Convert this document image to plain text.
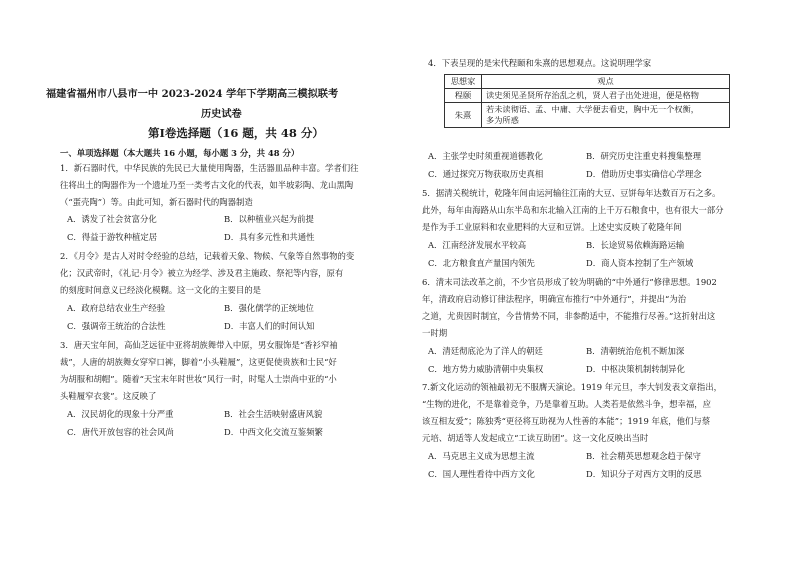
福建省福州市八县市一中 2023-2024 学年下学期高三模拟联考
历史试卷
第Ⅰ卷选择题（16 题，共 48 分）
一、单项选择题（本大题共 16 小题，每小题 3 分，共 48 分）
1．新石器时代，中华民族的先民已大量使用陶器，生活器皿品种丰富。学者们往
往将出土的陶器作为一个遗址乃至一类考古文化的代表，如半坡彩陶、龙山黑陶
（“蛋壳陶”）等。由此可知，新石器时代的陶器制造
A．诱发了社会贫富分化	B．以种植业兴起为前提
C．得益于游牧种植定居	D．具有多元性和共通性
2．《月令》是古人对时令经验的总结，记载着天象、物候、气象等自然事物的变
化；汉武帝时，《礼记·月令》被立为经学、涉及君主施政、祭祀等内容，原有
的刻度时间意义已经淡化模糊。这一文化的主要目的是
A．政府总结农业生产经验	B．强化儒学的正统地位
C．强调帝王统治的合法性	D．丰富人们的时间认知
3．唐天宝年间，高仙芝远征中亚将胡族舞带入中原，男女服饰是“香衫窄袖
裁”，人唐的胡族舞女穿窄口裤，脚着“小头鞋履”，这更促使贵族和士民“好
为胡服和胡帽”。随着“天宝末年时世妆”风行一时，时髦人士崇尚中亚的“小
头鞋履窄衣裳”。这反映了
A．汉民胡化的现象十分严重	B．社会生活映射盛唐风貌
C．唐代开放包容的社会风尚	D．中西文化交流互鉴频繁
4．下表呈现的是宋代程颐和朱熹的思想观点。这说明理学家
思想家	观点
程颐	读史须见圣贤所存治乱之机，贤人君子出处进退，便是格物
朱熹	若未读彻语、孟、中庸、大学便去看史，胸中无一个权衡，
多为所惑
A．主张学史时须重视道德教化	B．研究历史注重史料搜集整理
C．通过探究万物获取历史真相	D．借助历史事实确信心学理念
5．据清关税统计，乾隆年间由运河输往江南的大豆、豆饼每年达数百万石之多。
此外，每年由海路从山东半岛和东北输入江南的上千万石粮食中，也有很大一部分
是作为手工业原料和农业肥料的大豆和豆饼。上述史实反映了乾隆年间
A．江南经济发展水平较高	B．长途贸易依赖海路运输
C．北方粮食直产量国内领先	D．商人资本控制了生产领域
6．清末司法改革之前，不少官员形成了较为明确的“中外通行”修律思想。1902
年，清政府启动修订律法程序，明确宣布推行“中外通行”，并提出“为治
之道，尤贵因时制宜，今昔情势不同，非参酌适中，不能推行尽善。”这折射出这
一时期
A．清廷彻底沦为了洋人的朝廷	B．清朝统治危机不断加深
C．地方势力威胁清朝中央集权	D．中枢决策机制转制异化
7.新文化运动的领袖最初无不服膺天演论。1919 年元旦，李大钊发表文章指出，
“生物的进化，不是靠着竞争，乃是靠着互助。人类若是依然斗争，想幸福，应
该互相友爱”；陈独秀“更径将互助视为人性善的本能”；1919 年底，他们与蔡
元培、胡适等人发起成立“工读互助团”。这一文化反映出当时
A．马克思主义成为思想主流	B．社会精英思想观念趋于保守
C．国人理性看待中西方文化	D．知识分子对西方文明的反思
